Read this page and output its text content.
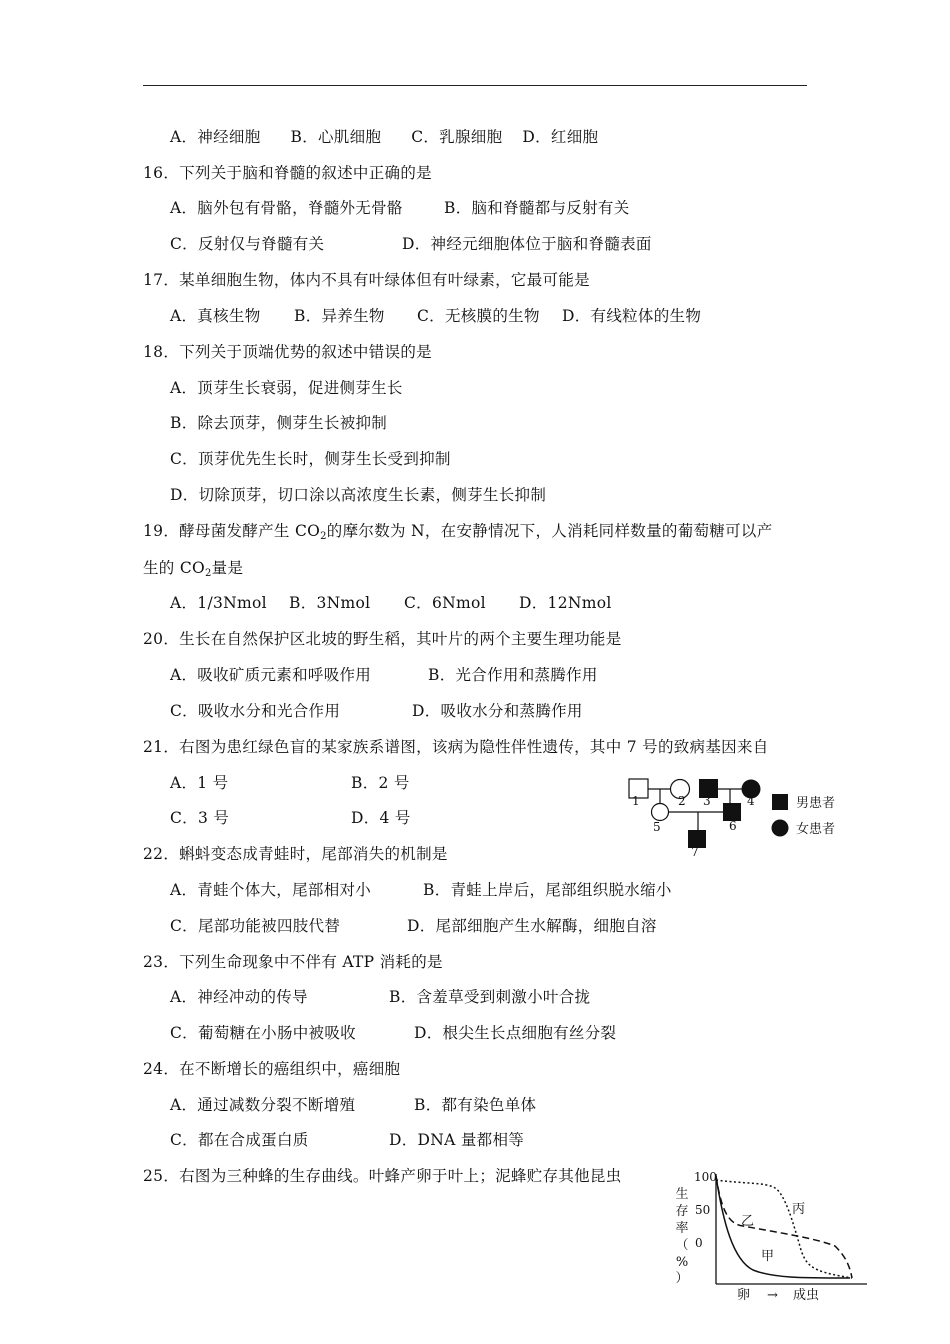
A．神经细胞 B．心肌细胞 C．乳腺细胞 D．红细胞
16．下列关于脑和脊髓的叙述中正确的是
A．脑外包有骨骼，脊髓外无骨骼	B．脑和脊髓都与反射有关
C．反射仅与脊髓有关	D．神经元细胞体位于脑和脊髓表面
17．某单细胞生物，体内不具有叶绿体但有叶绿素，它最可能是
A．真核生物 B．异养生物 C．无核膜的生物 D．有线粒体的生物
18．下列关于顶端优势的叙述中错误的是
A．顶芽生长衰弱，促进侧芽生长
B．除去顶芽，侧芽生长被抑制
C．顶芽优先生长时，侧芽生长受到抑制
D．切除顶芽，切口涂以高浓度生长素，侧芽生长抑制
19．酵母菌发酵产生 $CO_2$的摩尔数为 N，在安静情况下，人消耗同样数量的葡萄糖可以产
生的 $CO_2$量是
A．1/3Nmol B．3Nmol C．6Nmol D．12Nmol
20．生长在自然保护区北坡的野生稻，其叶片的两个主要生理功能是
A．吸收矿质元素和呼吸作用	B．光合作用和蒸腾作用
C．吸收水分和光合作用	D．吸收水分和蒸腾作用
21．右图为患红绿色盲的某家族系谱图，该病为隐性伴性遗传，其中 7 号的致病基因来自
A．1 号	B．2 号
C．3 号	D．4 号
1	2 3	4
5	6
7
男患者
女患者
22．蝌蚪变态成青蛙时，尾部消失的机制是
A．青蛙个体大，尾部相对小	B．青蛙上岸后，尾部组织脱水缩小
C．尾部功能被四肢代替	D．尾部细胞产生水解酶，细胞自溶
23．下列生命现象中不伴有 ATP 消耗的是
A．神经冲动的传导	B．含羞草受到刺激小叶合拢
C．葡萄糖在小肠中被吸收	D．根尖生长点细胞有丝分裂
24．在不断增长的癌组织中，癌细胞
A．通过减数分裂不断增殖	B．都有染色单体
C．都在合成蛋白质	D．DNA 量都相等
25．右图为三种蜂的生存曲线。叶蜂产卵于叶上；泥蜂贮存其他昆虫	100
50
0
生
存
率
（
%
）
甲
乙
丙
卵 → 成虫
